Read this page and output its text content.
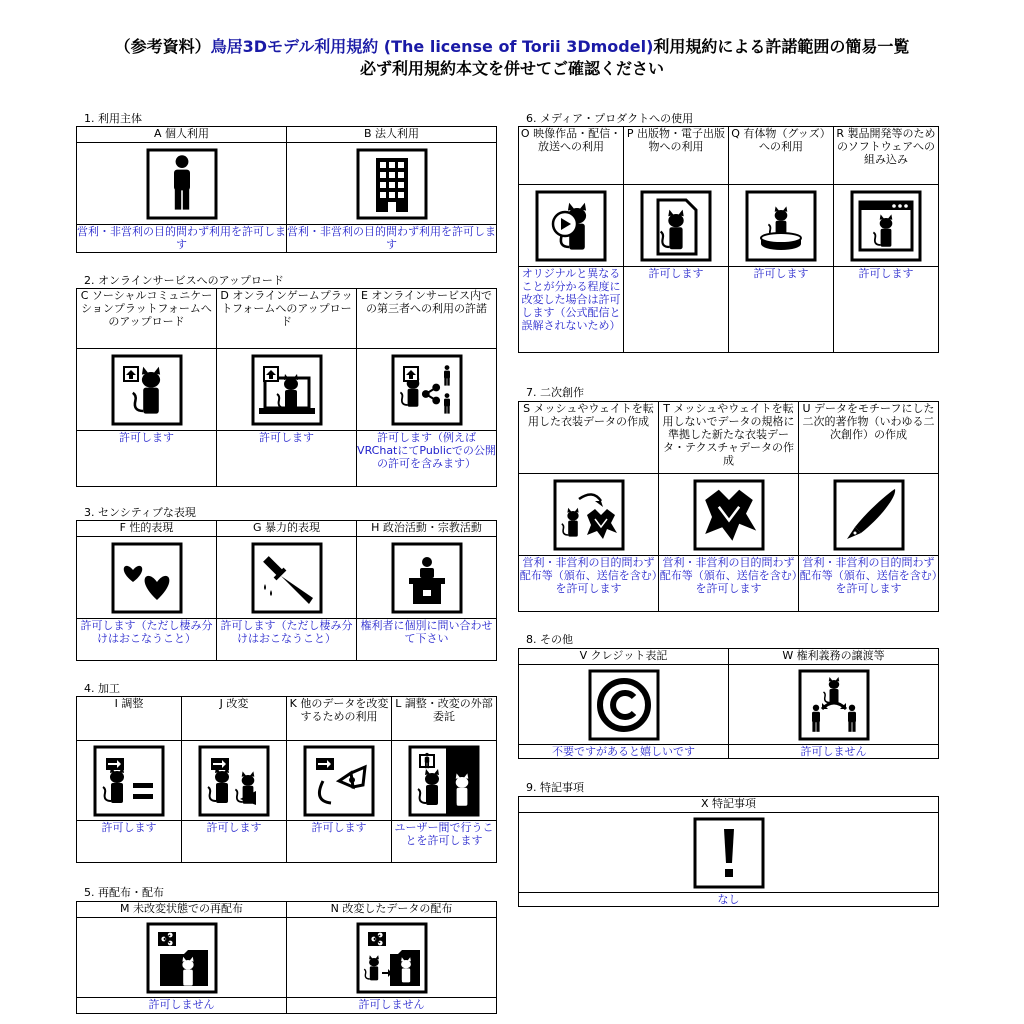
（参考資料）鳥居3Dモデル利用規約 (The license of Torii 3Dmodel)利用規約による許諾範囲の簡易一覧
必ず利用規約本文を併せてご確認ください
1. 利用主体
A 個人利用	B 法人利用

営利・非営利の目的問わず利用を許可します	営利・非営利の目的問わず利用を許可します
2. オンラインサービスへのアップロード
C ソーシャルコミュニケーションプラットフォームへのアップロード	D オンラインゲームプラットフォームへのアップロード	E オンラインサービス内での第三者への利用の許諾

許可します	許可します	許可します（例えばVRChatにてPublicでの公開の許可を含みます）
3. センシティブな表現
F 性的表現	G 暴力的表現	H 政治活動・宗教活動

許可します（ただし棲み分けはおこなうこと）	許可します（ただし棲み分けはおこなうこと）	権利者に個別に問い合わせて下さい
4. 加工
I 調整	J 改変	K 他のデータを改変するための利用	L 調整・改変の外部委託

許可します	許可します	許可します	ユーザー間で行うことを許可します
5. 再配布・配布
M 未改変状態での再配布	N 改変したデータの配布

許可しません	許可しません
6. メディア・プロダクトへの使用
O 映像作品・配信・放送への利用	P 出版物・電子出版物への利用	Q 有体物（グッズ）への利用	R 製品開発等のためのソフトウェアへの組み込み

オリジナルと異なることが分かる程度に改変した場合は許可します（公式配信と誤解されないため）	許可します	許可します	許可します
7. 二次創作
S メッシュやウェイトを転用した衣装データの作成	T メッシュやウェイトを転用しないでデータの規格に準拠した新たな衣装データ・テクスチャデータの作成	U データをモチーフにした二次的著作物（いわゆる二次創作）の作成

営利・非営利の目的問わず配布等（頒布、送信を含む）を許可します	営利・非営利の目的問わず配布等（頒布、送信を含む）を許可します	営利・非営利の目的問わず配布等（頒布、送信を含む）を許可します
8. その他
V クレジット表記	W 権利義務の譲渡等

不要ですがあると嬉しいです	許可しません
9. 特記事項
X 特記事項

なし
